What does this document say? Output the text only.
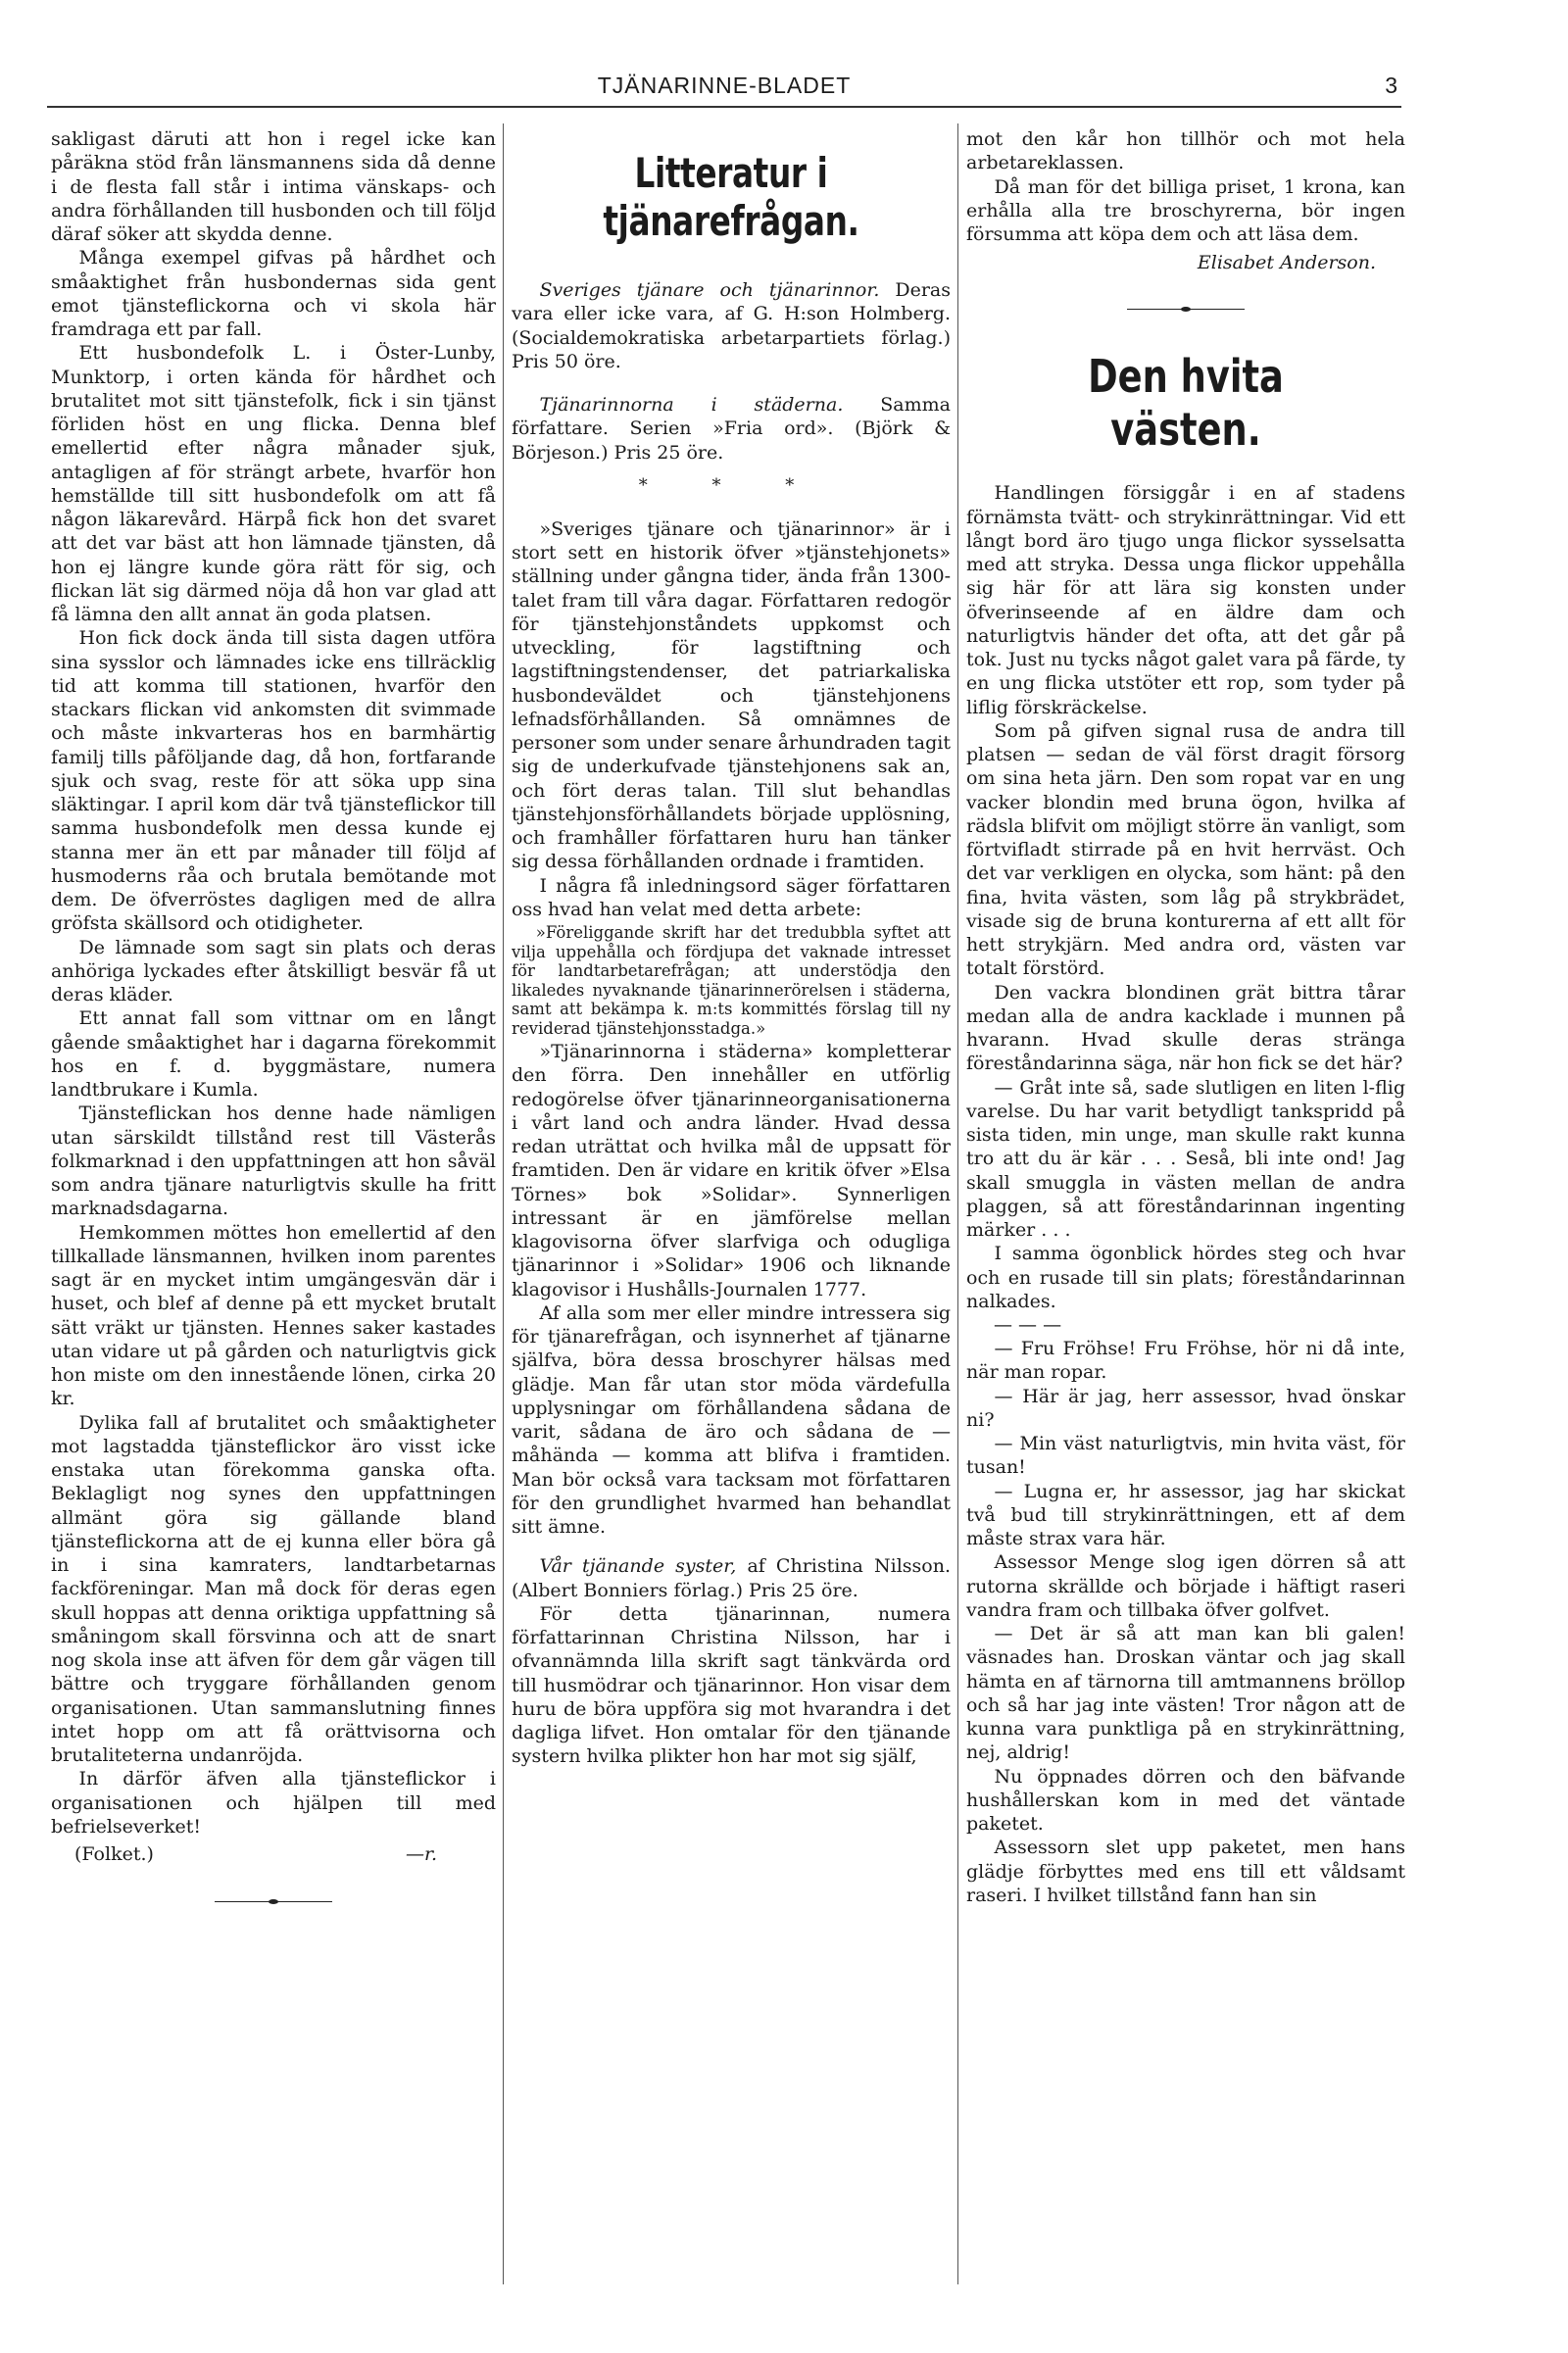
TJÄNARINNE-BLADET	3

sakligast däruti att hon i regel icke kan påräkna stöd från länsmannens sida då denne i de flesta fall står i intima vänskaps- och andra förhållanden till husbonden och till följd däraf söker att skydda denne.

Många exempel gifvas på hårdhet och småaktighet från husbondernas sida gent emot tjänsteflickorna och vi skola här framdraga ett par fall.

Ett husbondefolk L. i Öster-Lunby, Munktorp, i orten kända för hårdhet och brutalitet mot sitt tjänstefolk, fick i sin tjänst förliden höst en ung flicka. Denna blef emellertid efter några månader sjuk, antagligen af för strängt arbete, hvarför hon hemställde till sitt husbondefolk om att få någon läkarevård. Härpå fick hon det svaret att det var bäst att hon lämnade tjänsten, då hon ej längre kunde göra rätt för sig, och flickan lät sig därmed nöja då hon var glad att få lämna den allt annat än goda platsen.

Hon fick dock ända till sista dagen utföra sina sysslor och lämnades icke ens tillräcklig tid att komma till stationen, hvarför den stackars flickan vid ankomsten dit svimmade och måste inkvarteras hos en barmhärtig familj tills påföljande dag, då hon, fortfarande sjuk och svag, reste för att söka upp sina släktingar. I april kom där två tjänsteflickor till samma husbondefolk men dessa kunde ej stanna mer än ett par månader till följd af husmoderns råa och brutala bemötande mot dem. De öfverröstes dagligen med de allra gröfsta skällsord och otidigheter.

De lämnade som sagt sin plats och deras anhöriga lyckades efter åtskilligt besvär få ut deras kläder.

Ett annat fall som vittnar om en långt gående småaktighet har i dagarna förekommit hos en f. d. byggmästare, numera landtbrukare i Kumla.

Tjänsteflickan hos denne hade nämligen utan särskildt tillstånd rest till Västerås folkmarknad i den uppfattningen att hon såväl som andra tjänare naturligtvis skulle ha fritt marknadsdagarna.

Hemkommen möttes hon emellertid af den tillkallade länsmannen, hvilken inom parentes sagt är en mycket intim umgängesvän där i huset, och blef af denne på ett mycket brutalt sätt vräkt ur tjänsten. Hennes saker kastades utan vidare ut på gården och naturligtvis gick hon miste om den innestående lönen, cirka 20 kr.

Dylika fall af brutalitet och småaktigheter mot lagstadda tjänsteflickor äro visst icke enstaka utan förekomma ganska ofta. Beklagligt nog synes den uppfattningen allmänt göra sig gällande bland tjänsteflickorna att de ej kunna eller böra gå in i sina kamraters, landtarbetarnas fackföreningar. Man må dock för deras egen skull hoppas att denna oriktiga uppfattning så småningom skall försvinna och att de snart nog skola inse att äfven för dem går vägen till bättre och tryggare förhållanden genom organisationen. Utan sammanslutning finnes intet hopp om att få orättvisorna och brutaliteterna undanröjda.

In därför äfven alla tjänsteflickor i organisationen och hjälpen till med befrielseverket!

(Folket.)	—r.

Litteratur i tjänarefrågan.

Sveriges tjänare och tjänarinnor. Deras vara eller icke vara, af G. H:son Holmberg. (Socialdemokratiska arbetarpartiets förlag.) Pris 50 öre.

Tjänarinnorna i städerna. Samma författare. Serien »Fria ord». (Björk & Börjeson.) Pris 25 öre.

* * *

»Sveriges tjänare och tjänarinnor» är i stort sett en historik öfver »tjänstehjonets» ställning under gångna tider, ända från 1300-talet fram till våra dagar. Författaren redogör för tjänstehjonståndets uppkomst och utveckling, för lagstiftning och lagstiftningstendenser, det patriarkaliska husbondeväldet och tjänstehjonens lefnadsförhållanden. Så omnämnes de personer som under senare århundraden tagit sig de underkufvade tjänstehjonens sak an, och fört deras talan. Till slut behandlas tjänstehjonsförhållandets började upplösning, och framhåller författaren huru han tänker sig dessa förhållanden ordnade i framtiden.

I några få inledningsord säger författaren oss hvad han velat med detta arbete:

»Föreliggande skrift har det tredubbla syftet att vilja uppehålla och fördjupa det vaknade intresset för landtarbetarefrågan; att understödja den likaledes nyvaknande tjänarinnerörelsen i städerna, samt att bekämpa k. m:ts kommittés förslag till ny reviderad tjänstehjonsstadga.»

»Tjänarinnorna i städerna» kompletterar den förra. Den innehåller en utförlig redogörelse öfver tjänarinneorganisationerna i vårt land och andra länder. Hvad dessa redan uträttat och hvilka mål de uppsatt för framtiden. Den är vidare en kritik öfver »Elsa Törnes» bok »Solidar». Synnerligen intressant är en jämförelse mellan klagovisorna öfver slarfviga och odugliga tjänarinnor i »Solidar» 1906 och liknande klagovisor i Hushålls-Journalen 1777.

Af alla som mer eller mindre intressera sig för tjänarefrågan, och isynnerhet af tjänarne själfva, böra dessa broschyrer hälsas med glädje. Man får utan stor möda värdefulla upplysningar om förhållandena sådana de varit, sådana de äro och sådana de — måhända — komma att blifva i framtiden. Man bör också vara tacksam mot författaren för den grundlighet hvarmed han behandlat sitt ämne.

Vår tjänande syster, af Christina Nilsson. (Albert Bonniers förlag.) Pris 25 öre.

För detta tjänarinnan, numera författarinnan Christina Nilsson, har i ofvannämnda lilla skrift sagt tänkvärda ord till husmödrar och tjänarinnor. Hon visar dem huru de böra uppföra sig mot hvarandra i det dagliga lifvet. Hon omtalar för den tjänande systern hvilka plikter hon har mot sig själf,

mot den kår hon tillhör och mot hela arbetareklassen.

Då man för det billiga priset, 1 krona, kan erhålla alla tre broschyrerna, bör ingen försumma att köpa dem och att läsa dem.

Elisabet Anderson.
Den hvita västen.

Handlingen försiggår i en af stadens förnämsta tvätt- och strykinrättningar. Vid ett långt bord äro tjugo unga flickor sysselsatta med att stryka. Dessa unga flickor uppehålla sig här för att lära sig konsten under öfverinseende af en äldre dam och naturligtvis händer det ofta, att det går på tok. Just nu tycks något galet vara på färde, ty en ung flicka utstöter ett rop, som tyder på liflig förskräckelse.

Som på gifven signal rusa de andra till platsen — sedan de väl först dragit försorg om sina heta järn. Den som ropat var en ung vacker blondin med bruna ögon, hvilka af rädsla blifvit om möjligt större än vanligt, som förtvifladt stirrade på en hvit herrväst. Och det var verkligen en olycka, som hänt: på den fina, hvita västen, som låg på strykbrädet, visade sig de bruna konturerna af ett allt för hett strykjärn. Med andra ord, västen var totalt förstörd.

Den vackra blondinen grät bittra tårar medan alla de andra kacklade i munnen på hvarann. Hvad skulle deras stränga föreståndarinna säga, när hon fick se det här?

— Gråt inte så, sade slutligen en liten l-flig varelse. Du har varit betydligt tankspridd på sista tiden, min unge, man skulle rakt kunna tro att du är kär . . . Seså, bli inte ond! Jag skall smuggla in västen mellan de andra plaggen, så att föreståndarinnan ingenting märker . . .

I samma ögonblick hördes steg och hvar och en rusade till sin plats; föreståndarinnan nalkades.

— — —

— Fru Fröhse! Fru Fröhse, hör ni då inte, när man ropar.

— Här är jag, herr assessor, hvad önskar ni?

— Min väst naturligtvis, min hvita väst, för tusan!

— Lugna er, hr assessor, jag har skickat två bud till strykinrättningen, ett af dem måste strax vara här.

Assessor Menge slog igen dörren så att rutorna skrällde och började i häftigt raseri vandra fram och tillbaka öfver golfvet.

— Det är så att man kan bli galen! väsnades han. Droskan väntar och jag skall hämta en af tärnorna till amtmannens bröllop och så har jag inte västen! Tror någon att de kunna vara punktliga på en strykinrättning, nej, aldrig!

Nu öppnades dörren och den bäfvande hushållerskan kom in med det väntade paketet.

Assessorn slet upp paketet, men hans glädje förbyttes med ens till ett våldsamt raseri. I hvilket tillstånd fann han sin
